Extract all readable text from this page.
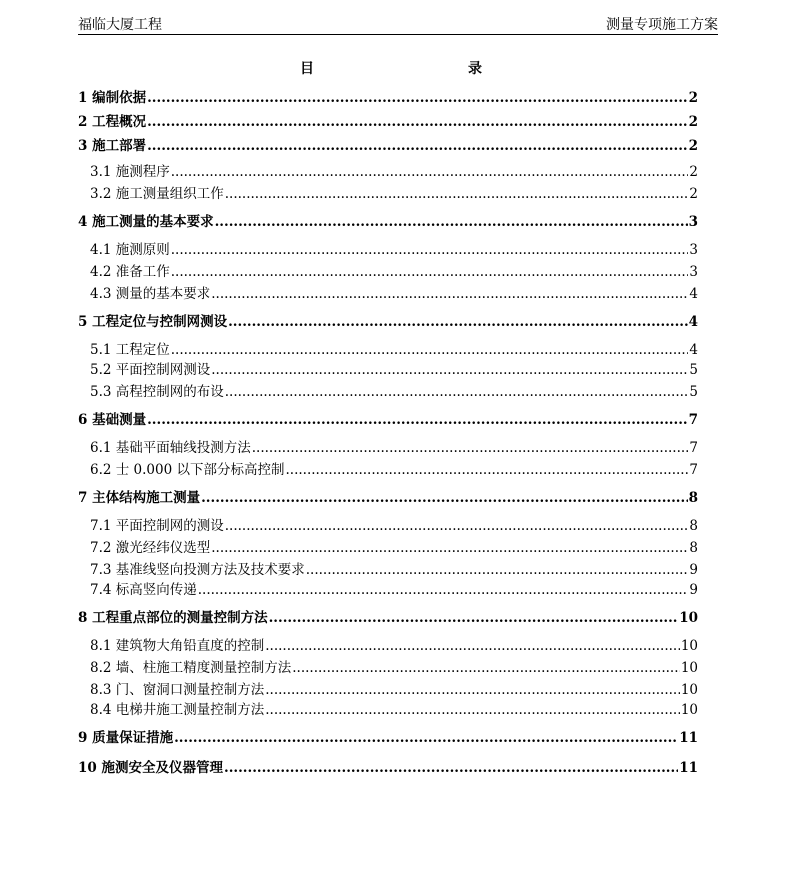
福临大厦工程	测量专项施工方案
目	录
1 编制依据 .....	2
2 工程概况 .....	2
3 施工部署 .....	2
3.1 施测程序 .....	2
3.2 施工测量组织工作 .....	2
4 施工测量的基本要求 .....	3
4.1 施测原则 .....	3
4.2 准备工作 .....	3
4.3 测量的基本要求 .....	4
5 工程定位与控制网测设 .....	4
5.1 工程定位 .....	4
5.2 平面控制网测设 .....	5
5.3 高程控制网的布设 .....	5
6 基础测量 .....	7
6.1 基础平面轴线投测方法 .....	7
6.2 士 0.000 以下部分标高控制 .....	7
7 主体结构施工测量 .....	8
7.1 平面控制网的测设 .....	8
7.2 激光经纬仪选型 .....	8
7.3 基准线竖向投测方法及技术要求 .....	9
7.4 标高竖向传递 .....	9
8 工程重点部位的测量控制方法 .....	10
8.1 建筑物大角铅直度的控制 .....	10
8.2 墙、柱施工精度测量控制方法 .....	10
8.3 门、窗洞口测量控制方法 .....	10
8.4 电梯井施工测量控制方法 .....	10
9 质量保证措施 .....	11
10 施测安全及仪器管理 .....	11
